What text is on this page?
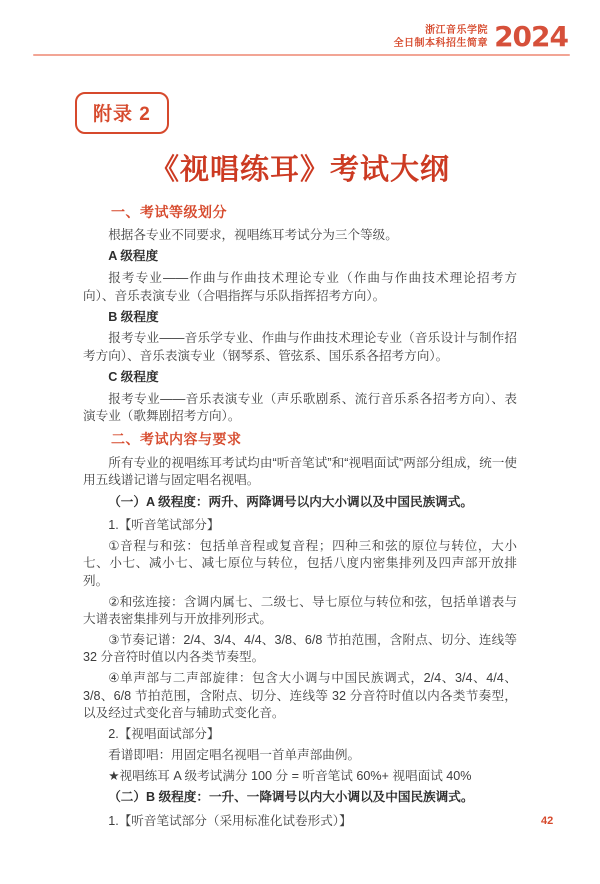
浙江音乐学院
全日制本科招生简章 2024
附录 2
《视唱练耳》考试大纲

一、考试等级划分

根据各专业不同要求，视唱练耳考试分为三个等级。

A 级程度

报考专业——作曲与作曲技术理论专业（作曲与作曲技术理论招考方向）、音乐表演专业（合唱指挥与乐队指挥招考方向）。

B 级程度

报考专业——音乐学专业、作曲与作曲技术理论专业（音乐设计与制作招考方向）、音乐表演专业（钢琴系、管弦系、国乐系各招考方向）。

C 级程度

报考专业——音乐表演专业（声乐歌剧系、流行音乐系各招考方向）、表演专业（歌舞剧招考方向）。

二、考试内容与要求

所有专业的视唱练耳考试均由“听音笔试”和“视唱面试”两部分组成，统一使用五线谱记谱与固定唱名视唱。

（一）A 级程度：两升、两降调号以内大小调以及中国民族调式。

1.【听音笔试部分】

①音程与和弦：包括单音程或复音程；四种三和弦的原位与转位，大小七、小七、减小七、减七原位与转位，包括八度内密集排列及四声部开放排列。

②和弦连接：含调内属七、二级七、导七原位与转位和弦，包括单谱表与大谱表密集排列与开放排列形式。

③节奏记谱：2/4、3/4、4/4、3/8、6/8 节拍范围，含附点、切分、连线等 32 分音符时值以内各类节奏型。

④单声部与二声部旋律：包含大小调与中国民族调式，2/4、3/4、4/4、3/8、6/8 节拍范围，含附点、切分、连线等 32 分音符时值以内各类节奏型，以及经过式变化音与辅助式变化音。

2.【视唱面试部分】

看谱即唱：用固定唱名视唱一首单声部曲例。

★视唱练耳 A 级考试满分 100 分 = 听音笔试 60%+ 视唱面试 40%

（二）B 级程度：一升、一降调号以内大小调以及中国民族调式。

1.【听音笔试部分（采用标准化试卷形式）】	42
